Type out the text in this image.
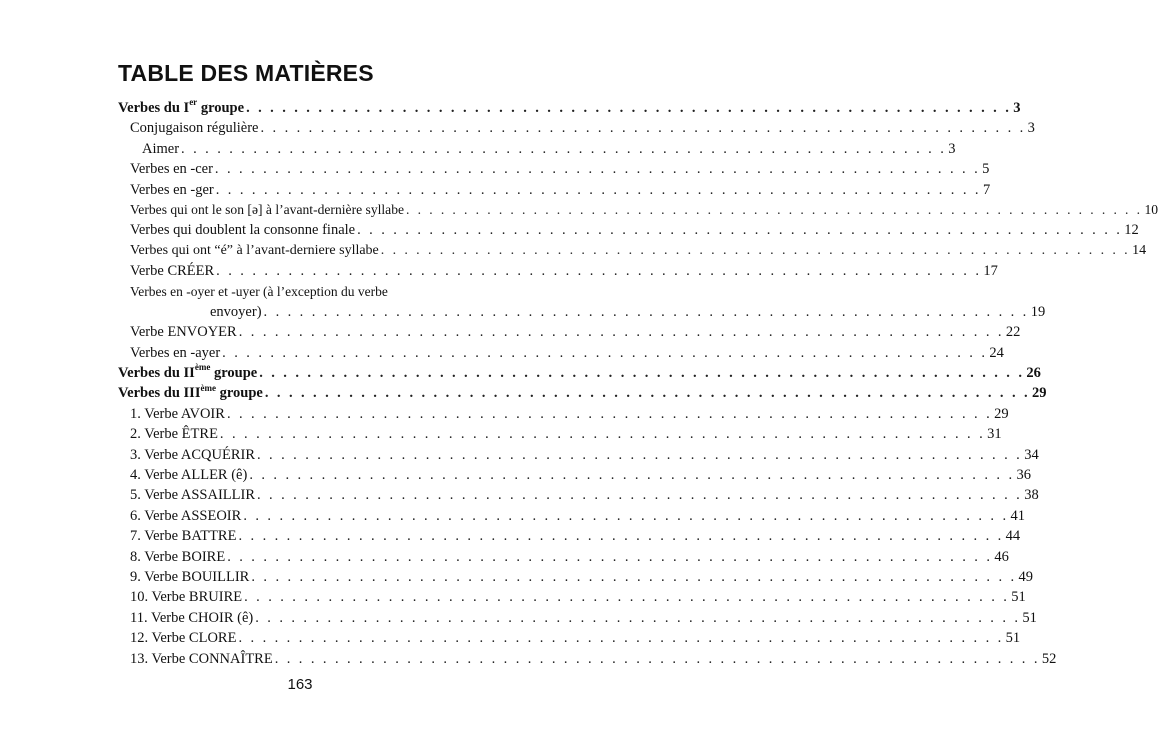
TABLE DES MATIÈRES
Verbes du Ier groupe . . . . . . . . . . . . . . . . . . . . . . . . . . . . . . . . . . . . . . . . . . . . . . . . . . . . . . . . . . . . . . . . 3
Conjugaison régulière . . . . . . . . . . . . . . . . . . . . . . . . . . . . . . . . . . . . . . . . . . . . . . . . . . . . . . . . . . . . . . . . 3
Aimer . . . . . . . . . . . . . . . . . . . . . . . . . . . . . . . . . . . . . . . . . . . . . . . . . . . . . . . . . . . . . . . . 3
Verbes en -cer . . . . . . . . . . . . . . . . . . . . . . . . . . . . . . . . . . . . . . . . . . . . . . . . . . . . . . . . . . . . . . . . 5
Verbes en -ger . . . . . . . . . . . . . . . . . . . . . . . . . . . . . . . . . . . . . . . . . . . . . . . . . . . . . . . . . . . . . . . . 7
Verbes qui ont le son [ə] à l’avant-dernière syllabe . . . . . . . . . . . . . . . . . . . . . . . . . . . . . . . . . . . . . . . . . . . . . . . . . . . . . . . . . . . . . . . . 10
Verbes qui doublent la consonne finale . . . . . . . . . . . . . . . . . . . . . . . . . . . . . . . . . . . . . . . . . . . . . . . . . . . . . . . . . . . . . . . . 12
Verbes qui ont “é” à l’avant-derniere syllabe . . . . . . . . . . . . . . . . . . . . . . . . . . . . . . . . . . . . . . . . . . . . . . . . . . . . . . . . . . . . . . . . 14
Verbe CRÉER . . . . . . . . . . . . . . . . . . . . . . . . . . . . . . . . . . . . . . . . . . . . . . . . . . . . . . . . . . . . . . . . 17
Verbes en -oyer et -uyer (à l’exception du verbe
envoyer) . . . . . . . . . . . . . . . . . . . . . . . . . . . . . . . . . . . . . . . . . . . . . . . . . . . . . . . . . . . . . . . . 19
Verbe ENVOYER . . . . . . . . . . . . . . . . . . . . . . . . . . . . . . . . . . . . . . . . . . . . . . . . . . . . . . . . . . . . . . . . 22
Verbes en -ayer . . . . . . . . . . . . . . . . . . . . . . . . . . . . . . . . . . . . . . . . . . . . . . . . . . . . . . . . . . . . . . . . 24
Verbes du IIème groupe . . . . . . . . . . . . . . . . . . . . . . . . . . . . . . . . . . . . . . . . . . . . . . . . . . . . . . . . . . . . . . . . 26
Verbes du IIIème groupe . . . . . . . . . . . . . . . . . . . . . . . . . . . . . . . . . . . . . . . . . . . . . . . . . . . . . . . . . . . . . . . . 29
1. Verbe AVOIR . . . . . . . . . . . . . . . . . . . . . . . . . . . . . . . . . . . . . . . . . . . . . . . . . . . . . . . . . . . . . . . . 29
2. Verbe ÊTRE . . . . . . . . . . . . . . . . . . . . . . . . . . . . . . . . . . . . . . . . . . . . . . . . . . . . . . . . . . . . . . . . 31
3. Verbe ACQUÉRIR . . . . . . . . . . . . . . . . . . . . . . . . . . . . . . . . . . . . . . . . . . . . . . . . . . . . . . . . . . . . . . . . 34
4. Verbe ALLER (ê) . . . . . . . . . . . . . . . . . . . . . . . . . . . . . . . . . . . . . . . . . . . . . . . . . . . . . . . . . . . . . . . . 36
5. Verbe ASSAILLIR . . . . . . . . . . . . . . . . . . . . . . . . . . . . . . . . . . . . . . . . . . . . . . . . . . . . . . . . . . . . . . . . 38
6. Verbe ASSEOIR . . . . . . . . . . . . . . . . . . . . . . . . . . . . . . . . . . . . . . . . . . . . . . . . . . . . . . . . . . . . . . . . 41
7. Verbe BATTRE . . . . . . . . . . . . . . . . . . . . . . . . . . . . . . . . . . . . . . . . . . . . . . . . . . . . . . . . . . . . . . . . 44
8. Verbe BOIRE . . . . . . . . . . . . . . . . . . . . . . . . . . . . . . . . . . . . . . . . . . . . . . . . . . . . . . . . . . . . . . . . 46
9. Verbe BOUILLIR . . . . . . . . . . . . . . . . . . . . . . . . . . . . . . . . . . . . . . . . . . . . . . . . . . . . . . . . . . . . . . . . 49
10. Verbe BRUIRE . . . . . . . . . . . . . . . . . . . . . . . . . . . . . . . . . . . . . . . . . . . . . . . . . . . . . . . . . . . . . . . . 51
11. Verbe CHOIR (ê) . . . . . . . . . . . . . . . . . . . . . . . . . . . . . . . . . . . . . . . . . . . . . . . . . . . . . . . . . . . . . . . . 51
12. Verbe CLORE . . . . . . . . . . . . . . . . . . . . . . . . . . . . . . . . . . . . . . . . . . . . . . . . . . . . . . . . . . . . . . . . 51
13. Verbe CONNAÎTRE . . . . . . . . . . . . . . . . . . . . . . . . . . . . . . . . . . . . . . . . . . . . . . . . . . . . . . . . . . . . . . . . 52
163
